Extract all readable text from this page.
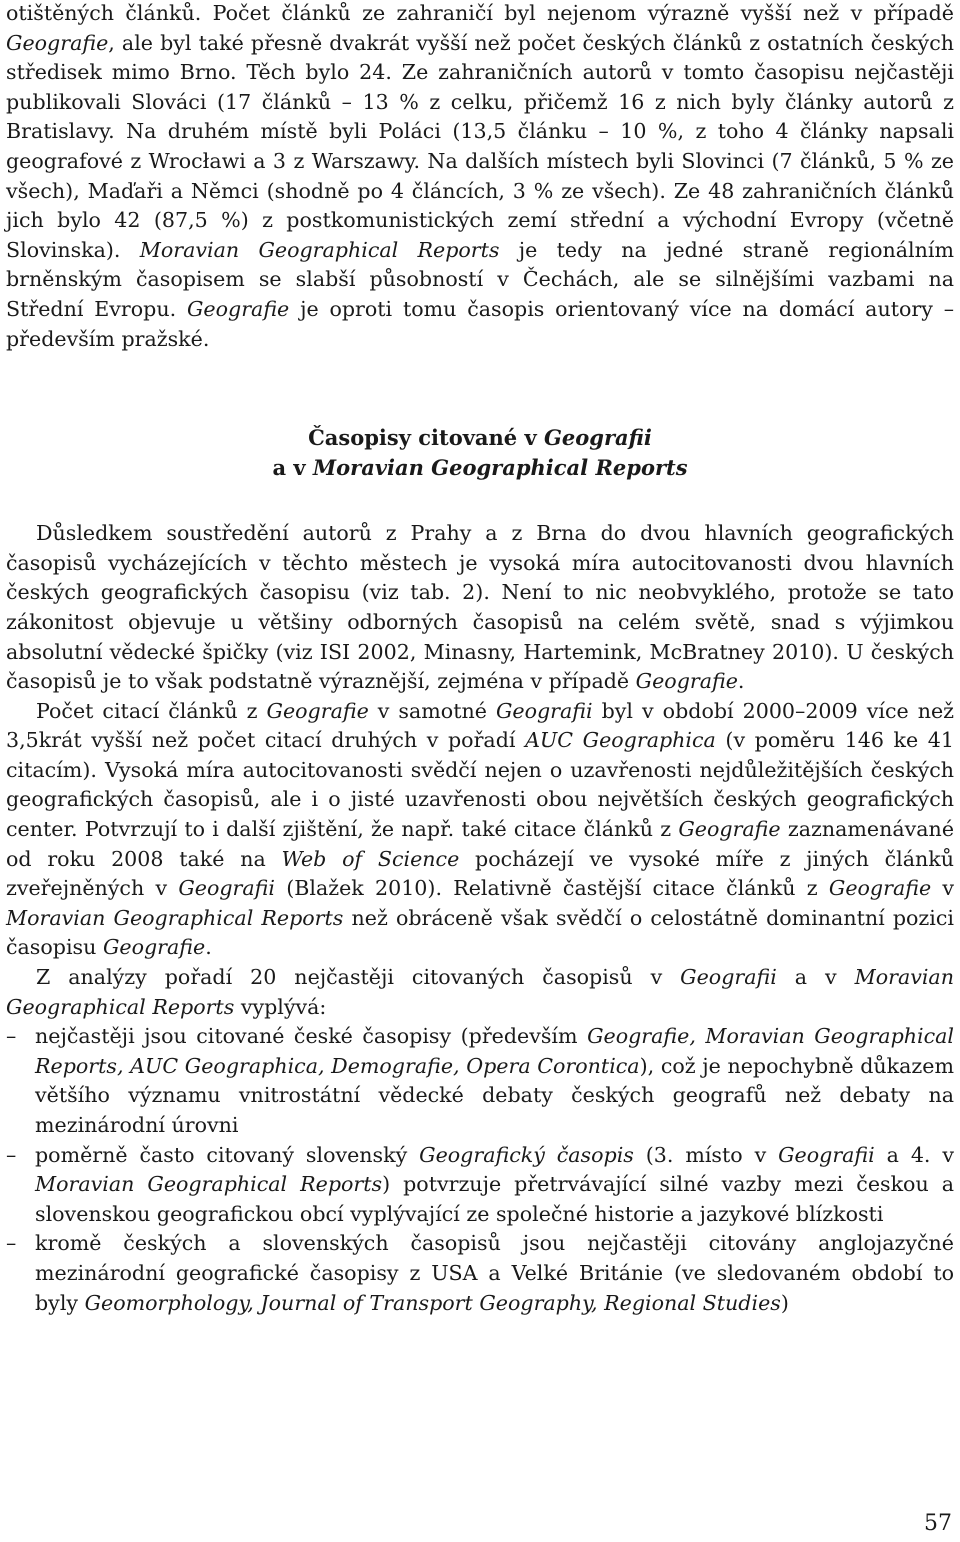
otištěných článků. Počet článků ze zahraničí byl nejenom výrazně vyšší než v případě Geografie, ale byl také přesně dvakrát vyšší než počet českých článků z ostatních českých středisek mimo Brno. Těch bylo 24. Ze zahraničních autorů v tomto časopisu nejčastěji publikovali Slováci (17 článků – 13 % z celku, přičemž 16 z nich byly články autorů z Bratislavy. Na druhém místě byli Poláci (13,5 článku – 10 %, z toho 4 články napsali geografové z Wrocławi a 3 z Warszawy. Na dalších místech byli Slovinci (7 článků, 5 % ze všech), Maďaři a Němci (shodně po 4 článcích, 3 % ze všech). Ze 48 zahraničních článků jich bylo 42 (87,5 %) z postkomunistických zemí střední a východní Evropy (včetně Slovinska). Moravian Geographical Reports je tedy na jedné straně regionálním brněnským časopisem se slabší působností v Čechách, ale se silnějšími vazbami na Střední Evropu. Geografie je oproti tomu časopis orientovaný více na domácí autory – především pražské.

Časopisy citované v Geografii
a v Moravian Geographical Reports

Důsledkem soustředění autorů z Prahy a z Brna do dvou hlavních geografických časopisů vycházejících v těchto městech je vysoká míra autocitovanosti dvou hlavních českých geografických časopisu (viz tab. 2). Není to nic neobvyklého, protože se tato zákonitost objevuje u většiny odborných časopisů na celém světě, snad s výjimkou absolutní vědecké špičky (viz ISI 2002, Minasny, Hartemink, McBratney 2010). U českých časopisů je to však podstatně výraznější, zejména v případě Geografie.

Počet citací článků z Geografie v samotné Geografii byl v období 2000–2009 více než 3,5krát vyšší než počet citací druhých v pořadí AUC Geographica (v poměru 146 ke 41 citacím). Vysoká míra autocitovanosti svědčí nejen o uzavřenosti nejdůležitějších českých geografických časopisů, ale i o jisté uzavřenosti obou největších českých geografických center. Potvrzují to i další zjištění, že např. také citace článků z Geografie zaznamenávané od roku 2008 také na Web of Science pocházejí ve vysoké míře z jiných článků zveřejněných v Geografii (Blažek 2010). Relativně častější citace článků z Geografie v Moravian Geographical Reports než obráceně však svědčí o celostátně dominantní pozici časopisu Geografie.

Z analýzy pořadí 20 nejčastěji citovaných časopisů v Geografii a v Moravian Geographical Reports vyplývá:

– nejčastěji jsou citované české časopisy (především Geografie, Moravian Geographical Reports, AUC Geographica, Demografie, Opera Corontica), což je nepochybně důkazem většího významu vnitrostátní vědecké debaty českých geografů než debaty na mezinárodní úrovni
– poměrně často citovaný slovenský Geografický časopis (3. místo v Geografii a 4. v Moravian Geographical Reports) potvrzuje přetrvávající silné vazby mezi českou a slovenskou geografickou obcí vyplývající ze společné historie a jazykové blízkosti
– kromě českých a slovenských časopisů jsou nejčastěji citovány anglojazyčné mezinárodní geografické časopisy z USA a Velké Británie (ve sledovaném období to byly Geomorphology, Journal of Transport Geography, Regional Studies)
57
